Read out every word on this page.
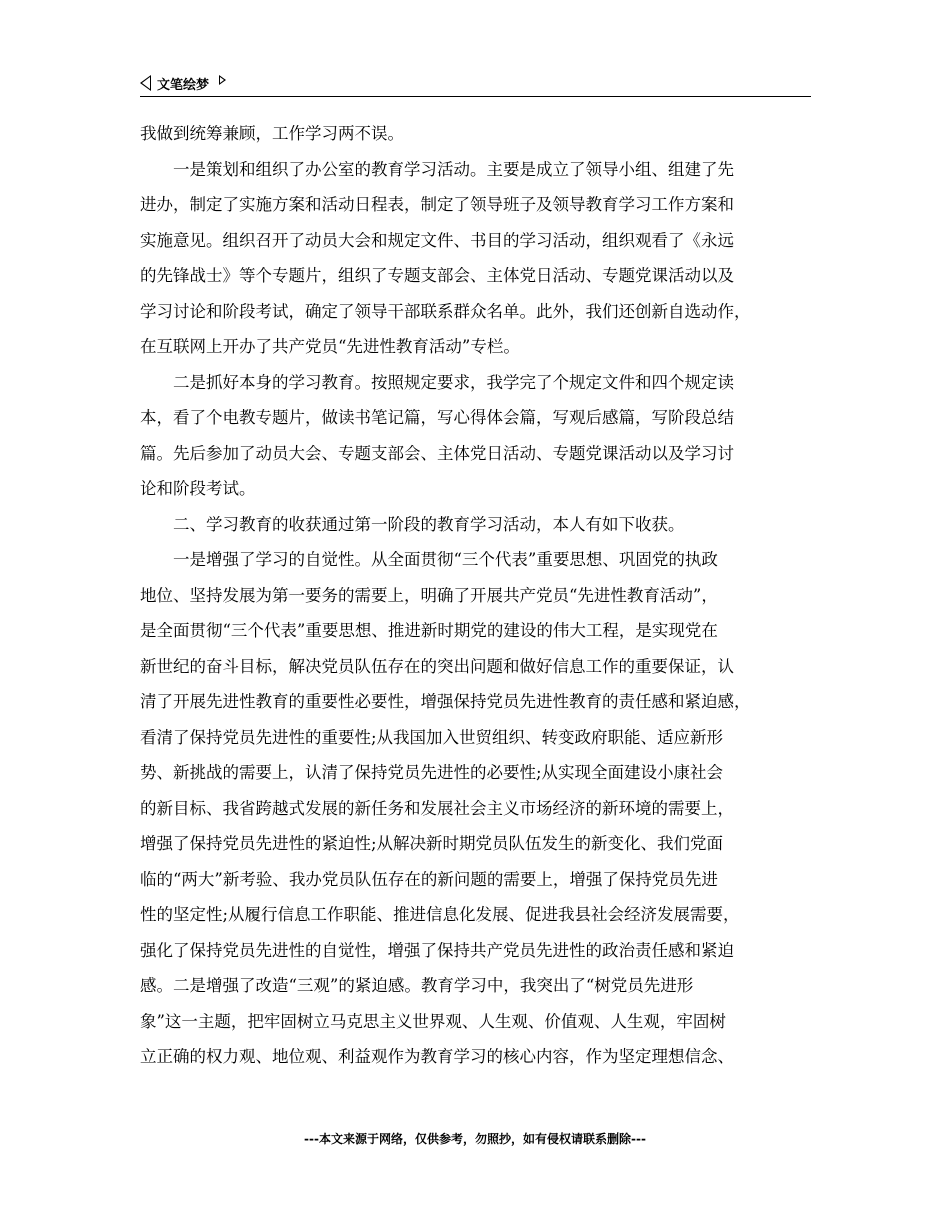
文笔绘梦
我做到统筹兼顾，工作学习两不误。
一是策划和组织了办公室的教育学习活动。主要是成立了领导小组、组建了先
进办，制定了实施方案和活动日程表，制定了领导班子及领导教育学习工作方案和
实施意见。组织召开了动员大会和规定文件、书目的学习活动，组织观看了《永远
的先锋战士》等个专题片，组织了专题支部会、主体党日活动、专题党课活动以及
学习讨论和阶段考试，确定了领导干部联系群众名单。此外，我们还创新自选动作，
在互联网上开办了共产党员“先进性教育活动”专栏。
二是抓好本身的学习教育。按照规定要求，我学完了个规定文件和四个规定读
本，看了个电教专题片，做读书笔记篇，写心得体会篇，写观后感篇，写阶段总结
篇。先后参加了动员大会、专题支部会、主体党日活动、专题党课活动以及学习讨
论和阶段考试。
二、学习教育的收获通过第一阶段的教育学习活动，本人有如下收获。
一是增强了学习的自觉性。从全面贯彻“三个代表”重要思想、巩固党的执政
地位、坚持发展为第一要务的需要上，明确了开展共产党员“先进性教育活动”，
是全面贯彻“三个代表”重要思想、推进新时期党的建设的伟大工程，是实现党在
新世纪的奋斗目标，解决党员队伍存在的突出问题和做好信息工作的重要保证，认
清了开展先进性教育的重要性必要性，增强保持党员先进性教育的责任感和紧迫感，
看清了保持党员先进性的重要性;从我国加入世贸组织、转变政府职能、适应新形
势、新挑战的需要上，认清了保持党员先进性的必要性;从实现全面建设小康社会
的新目标、我省跨越式发展的新任务和发展社会主义市场经济的新环境的需要上，
增强了保持党员先进性的紧迫性;从解决新时期党员队伍发生的新变化、我们党面
临的“两大”新考验、我办党员队伍存在的新问题的需要上，增强了保持党员先进
性的坚定性;从履行信息工作职能、推进信息化发展、促进我县社会经济发展需要，
强化了保持党员先进性的自觉性，增强了保持共产党员先进性的政治责任感和紧迫
感。二是增强了改造“三观”的紧迫感。教育学习中，我突出了“树党员先进形
象”这一主题，把牢固树立马克思主义世界观、人生观、价值观、人生观，牢固树
立正确的权力观、地位观、利益观作为教育学习的核心内容，作为坚定理想信念、
---本文来源于网络，仅供参考，勿照抄，如有侵权请联系删除---
